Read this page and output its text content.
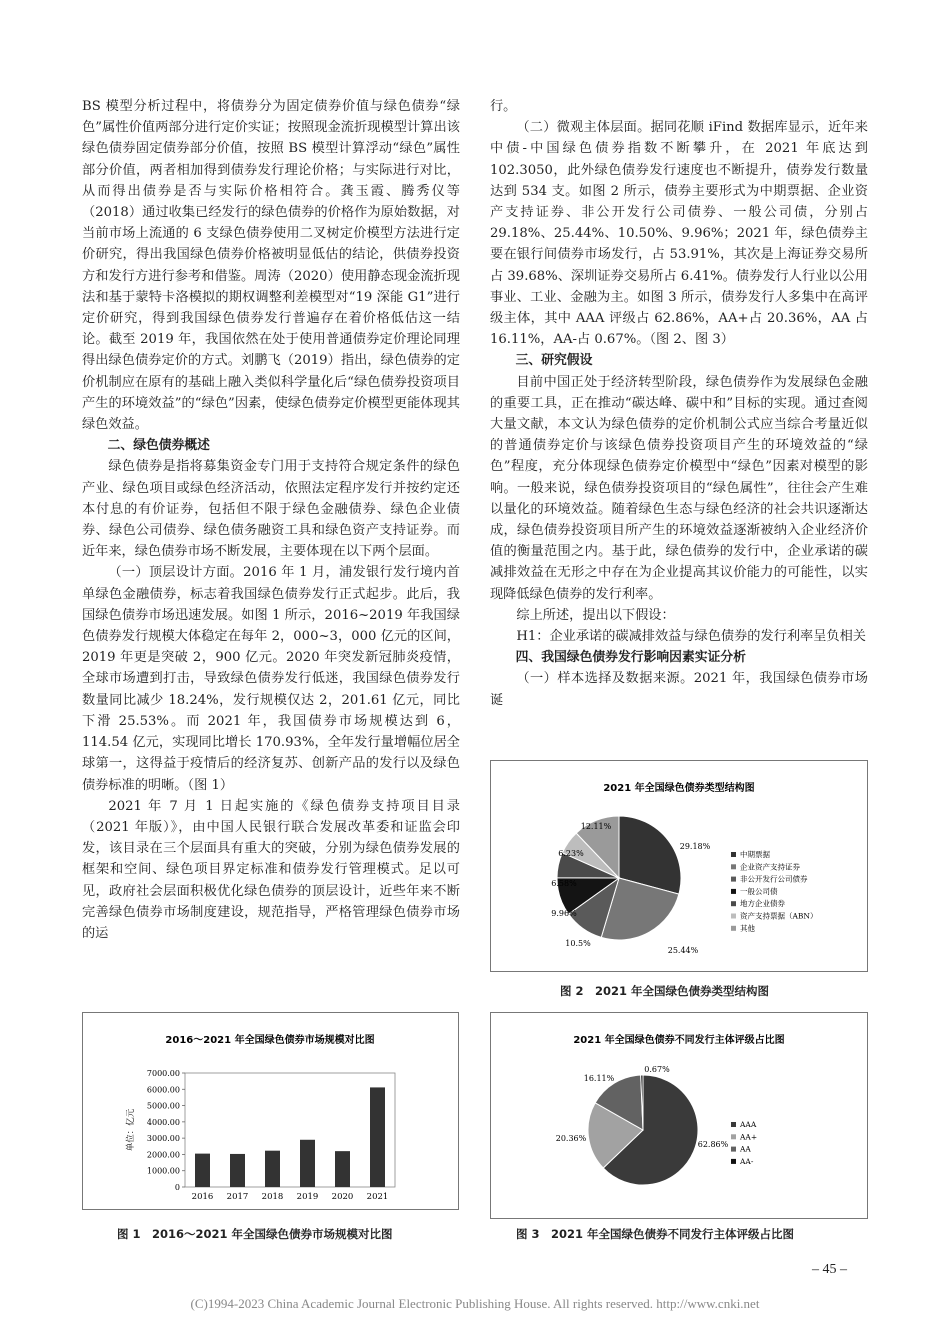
BS 模型分析过程中，将债券分为固定债券价值与绿色债券“绿色”属性价值两部分进行定价实证；按照现金流折现模型计算出该绿色债券固定债券部分价值，按照 BS 模型计算浮动“绿色”属性部分价值，两者相加得到债券发行理论价格；与实际进行对比，从而得出债券是否与实际价格相符合。龚玉霞、腾秀仪等（2018）通过收集已经发行的绿色债券的价格作为原始数据，对当前市场上流通的 6 支绿色债券使用二叉树定价模型方法进行定价研究，得出我国绿色债券价格被明显低估的结论，供债券投资方和发行方进行参考和借鉴。周涛（2020）使用静态现金流折现法和基于蒙特卡洛模拟的期权调整利差模型对“19 深能 G1”进行定价研究，得到我国绿色债券发行普遍存在着价格低估这一结论。截至 2019 年，我国依然在处于使用普通债券定价理论同理得出绿色债券定价的方式。刘鹏飞（2019）指出，绿色债券的定价机制应在原有的基础上融入类似科学量化后“绿色债券投资项目产生的环境效益”的“绿色”因素，使绿色债券定价模型更能体现其绿色效益。

二、绿色债券概述

绿色债券是指将募集资金专门用于支持符合规定条件的绿色产业、绿色项目或绿色经济活动，依照法定程序发行并按约定还本付息的有价证券，包括但不限于绿色金融债券、绿色企业债券、绿色公司债券、绿色债务融资工具和绿色资产支持证券。而近年来，绿色债券市场不断发展，主要体现在以下两个层面。

（一）顶层设计方面。2016 年 1 月，浦发银行发行境内首单绿色金融债券，标志着我国绿色债券发行正式起步。此后，我国绿色债券市场迅速发展。如图 1 所示，2016~2019 年我国绿色债券发行规模大体稳定在每年 2，000~3，000 亿元的区间，2019 年更是突破 2，900 亿元。2020 年突发新冠肺炎疫情，全球市场遭到打击，导致绿色债券发行低迷，我国绿色债券发行数量同比减少 18.24%，发行规模仅达 2，201.61 亿元，同比下滑 25.53%。而 2021 年，我国债券市场规模达到 6，114.54 亿元，实现同比增长 170.93%，全年发行量增幅位居全球第一，这得益于疫情后的经济复苏、创新产品的发行以及绿色债券标准的明晰。（图 1）

2021 年 7 月 1 日起实施的《绿色债券支持项目目录（2021 年版）》，由中国人民银行联合发展改革委和证监会印发，该目录在三个层面具有重大的突破，分别为绿色债券发展的框架和空间、绿色项目界定标准和债券发行管理模式。足以可见，政府社会层面积极优化绿色债券的顶层设计，近些年来不断完善绿色债券市场制度建设，规范指导，严格管理绿色债券市场的运

行。

（二）微观主体层面。据同花顺 iFind 数据库显示，近年来中债-中国绿色债券指数不断攀升，在 2021 年底达到 102.3050，此外绿色债券发行速度也不断提升，债券发行数量达到 534 支。如图 2 所示，债券主要形式为中期票据、企业资产支持证券、非公开发行公司债券、一般公司债，分别占 29.18%、25.44%、10.50%、9.96%；2021 年，绿色债券主要在银行间债券市场发行，占 53.91%，其次是上海证券交易所占 39.68%、深圳证券交易所占 6.41%。债券发行人行业以公用事业、工业、金融为主。如图 3 所示，债券发行人多集中在高评级主体，其中 AAA 评级占 62.86%，AA+占 20.36%，AA 占 16.11%，AA-占 0.67%。（图 2、图 3）

三、研究假设

目前中国正处于经济转型阶段，绿色债券作为发展绿色金融的重要工具，正在推动“碳达峰、碳中和”目标的实现。通过查阅大量文献，本文认为绿色债券的定价机制公式应当综合考量近似的普通债券定价与该绿色债券投资项目产生的环境效益的“绿色”程度，充分体现绿色债券定价模型中“绿色”因素对模型的影响。一般来说，绿色债券投资项目的“绿色属性”，往往会产生难以量化的环境效益。随着绿色生态与绿色经济的社会共识逐渐达成，绿色债券投资项目所产生的环境效益逐渐被纳入企业经济价值的衡量范围之内。基于此，绿色债券的发行中，企业承诺的碳减排效益在无形之中存在为企业提高其议价能力的可能性，以实现降低绿色债券的发行利率。

综上所述，提出以下假设：

H1：企业承诺的碳减排效益与绿色债券的发行利率呈负相关

四、我国绿色债券发行影响因素实证分析

（一）样本选择及数据来源。2021 年，我国绿色债券市场诞

2016～2021 年全国绿色债券市场规模对比图
0
1000.00
2000.00
3000.00
4000.00
5000.00
6000.00
7000.00
单位：亿元
2016 2017 2018 2019 2020 2021
图 1　2016～2021 年全国绿色债券市场规模对比图
2021 年全国绿色债券类型结构图
29.18%
25.44%
10.5%
9.96%
6.58%
6.23%
12.11%
中期票据
企业资产支持证券
非公开发行公司债券
一般公司债
地方企业债券
资产支持票据（ABN）
其他
图 2　2021 年全国绿色债券类型结构图
2021 年全国绿色债券不同发行主体评级占比图
62.86%
20.36%
16.11%
0.67%
AAA
AA+
AA
AA-
图 3　2021 年全国绿色债券不同发行主体评级占比图
– 45 –
(C)1994-2023 China Academic Journal Electronic Publishing House. All rights reserved. http://www.cnki.net
